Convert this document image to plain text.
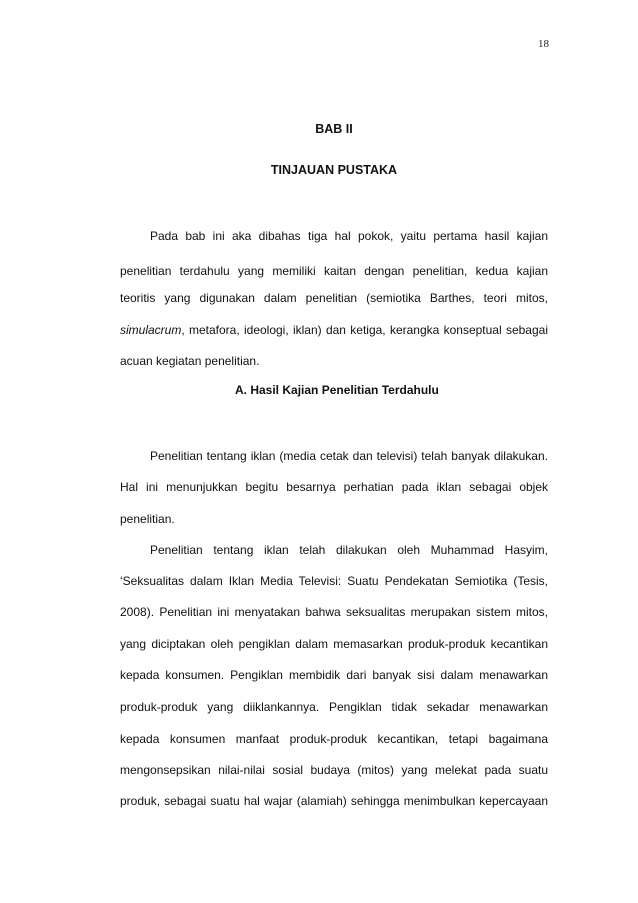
18
BAB II
TINJAUAN PUSTAKA
Pada bab ini aka dibahas tiga hal pokok, yaitu pertama hasil kajian
penelitian terdahulu yang memiliki kaitan dengan penelitian, kedua kajian
teoritis yang digunakan dalam penelitian (semiotika Barthes, teori mitos,
simulacrum, metafora, ideologi, iklan) dan ketiga, kerangka konseptual sebagai
acuan kegiatan penelitian.
A. Hasil Kajian Penelitian Terdahulu
Penelitian tentang iklan (media cetak dan televisi) telah banyak dilakukan.
Hal ini menunjukkan begitu besarnya perhatian pada iklan sebagai objek
penelitian.
Penelitian tentang iklan telah dilakukan oleh Muhammad Hasyim,
‘Seksualitas dalam Iklan Media Televisi: Suatu Pendekatan Semiotika (Tesis,
2008). Penelitian ini menyatakan bahwa seksualitas merupakan sistem mitos,
yang diciptakan oleh pengiklan dalam memasarkan produk-produk kecantikan
kepada konsumen. Pengiklan membidik dari banyak sisi dalam menawarkan
produk-produk yang diiklankannya. Pengiklan tidak sekadar menawarkan
kepada konsumen manfaat produk-produk kecantikan, tetapi bagaimana
mengonsepsikan nilai-nilai sosial budaya (mitos) yang melekat pada suatu
produk, sebagai suatu hal wajar (alamiah) sehingga menimbulkan kepercayaan
